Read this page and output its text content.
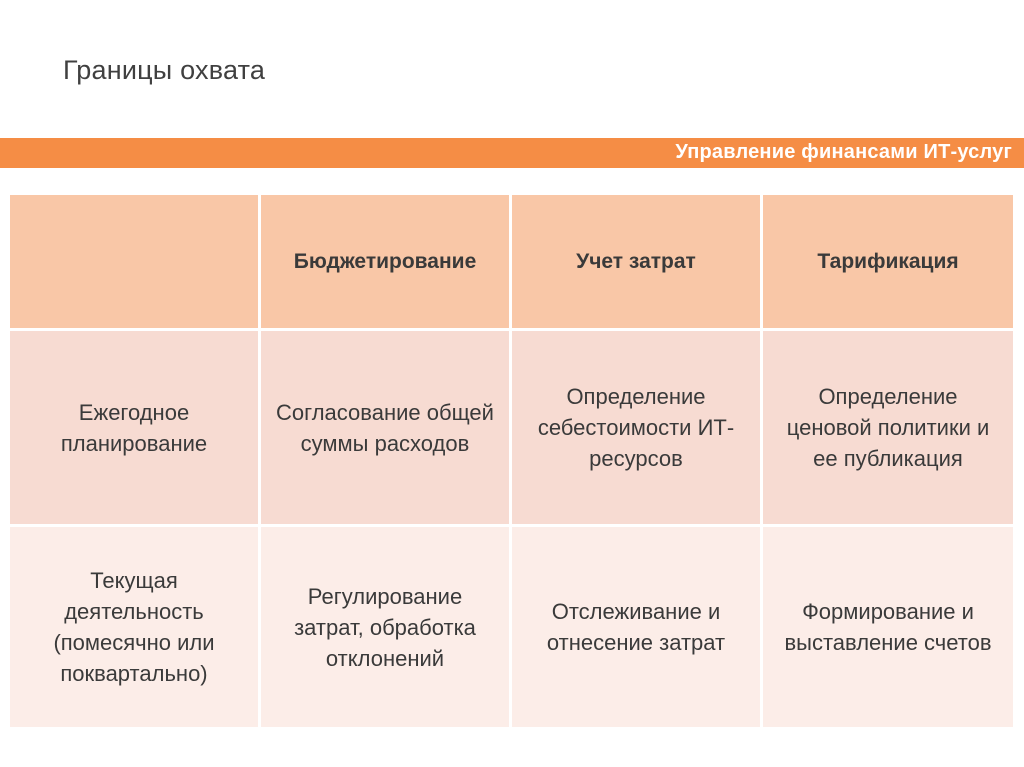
Границы охвата
Управление финансами ИТ-услуг
Бюджетирование	Учет затрат	Тарификация
Ежегодное планирование
Согласование общей суммы расходов
Определение себестоимости ИТ-ресурсов
Определение ценовой политики и ее публикация
Текущая деятельность (помесячно или поквартально)
Регулирование затрат, обработка отклонений
Отслеживание и отнесение затрат
Формирование и выставление счетов
